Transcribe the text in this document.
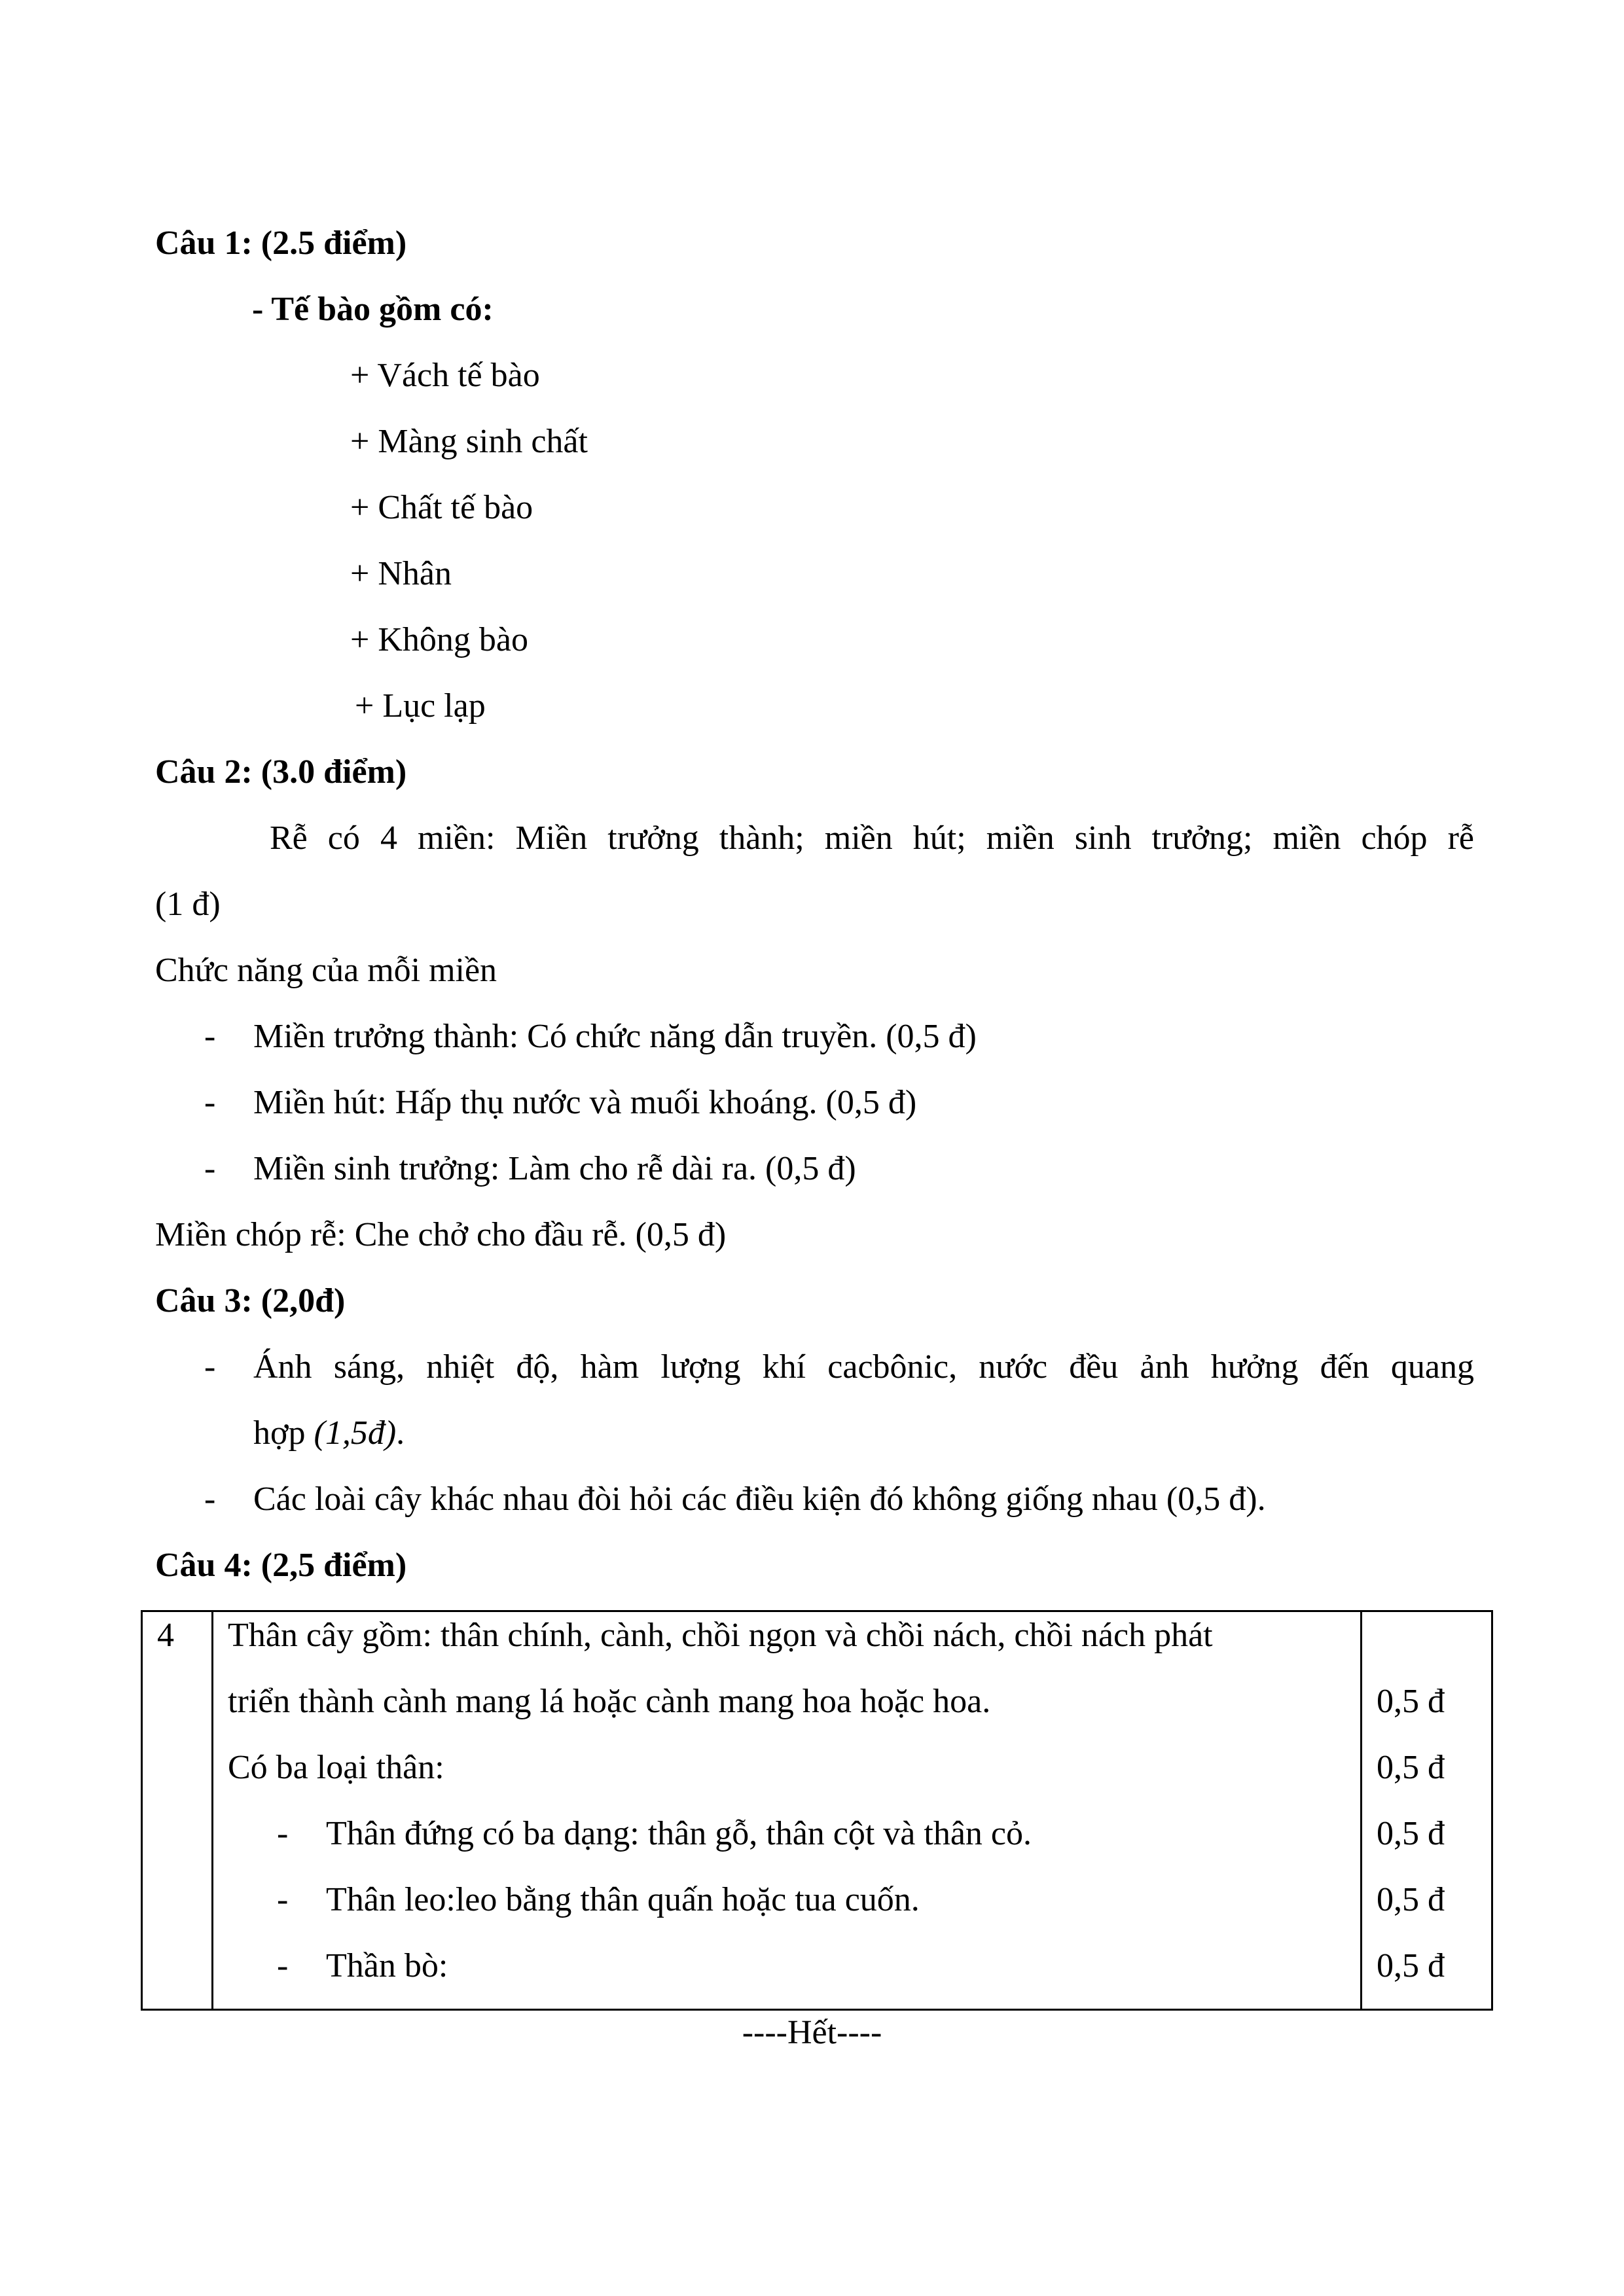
Câu 1: (2.5 điểm)
- Tế bào gồm có:
+ Vách tế bào
+ Màng sinh chất
+ Chất tế bào
+ Nhân
+ Không bào
+ Lục lạp
Câu 2: (3.0 điểm)
Rễ có 4 miền: Miền trưởng thành; miền hút; miền sinh trưởng; miền chóp rễ
(1 đ)
Chức năng của mỗi miền
- Miền trưởng thành: Có chức năng dẫn truyền. (0,5 đ)
- Miền hút: Hấp thụ nước và muối khoáng. (0,5 đ)
- Miền sinh trưởng: Làm cho rễ dài ra. (0,5 đ)
Miền chóp rễ: Che chở cho đầu rễ. (0,5 đ)
Câu 3: (2,0đ)
- Ánh sáng, nhiệt độ, hàm lượng khí cacbônic, nước đều ảnh hưởng đến quang
hợp (1,5đ).
- Các loài cây khác nhau đòi hỏi các điều kiện đó không giống nhau (0,5 đ).
Câu 4: (2,5 điểm)
4 Thân cây gồm: thân chính, cành, chồi ngọn và chồi nách, chồi nách phát
triển thành cành mang lá hoặc cành mang hoa hoặc hoa.
Có ba loại thân:
- Thân đứng có ba dạng: thân gỗ, thân cột và thân cỏ.
- Thân leo:leo bằng thân quấn hoặc tua cuốn.
- Thần bò:
0,5 đ
0,5 đ
0,5 đ
0,5 đ
0,5 đ
----Hết----
